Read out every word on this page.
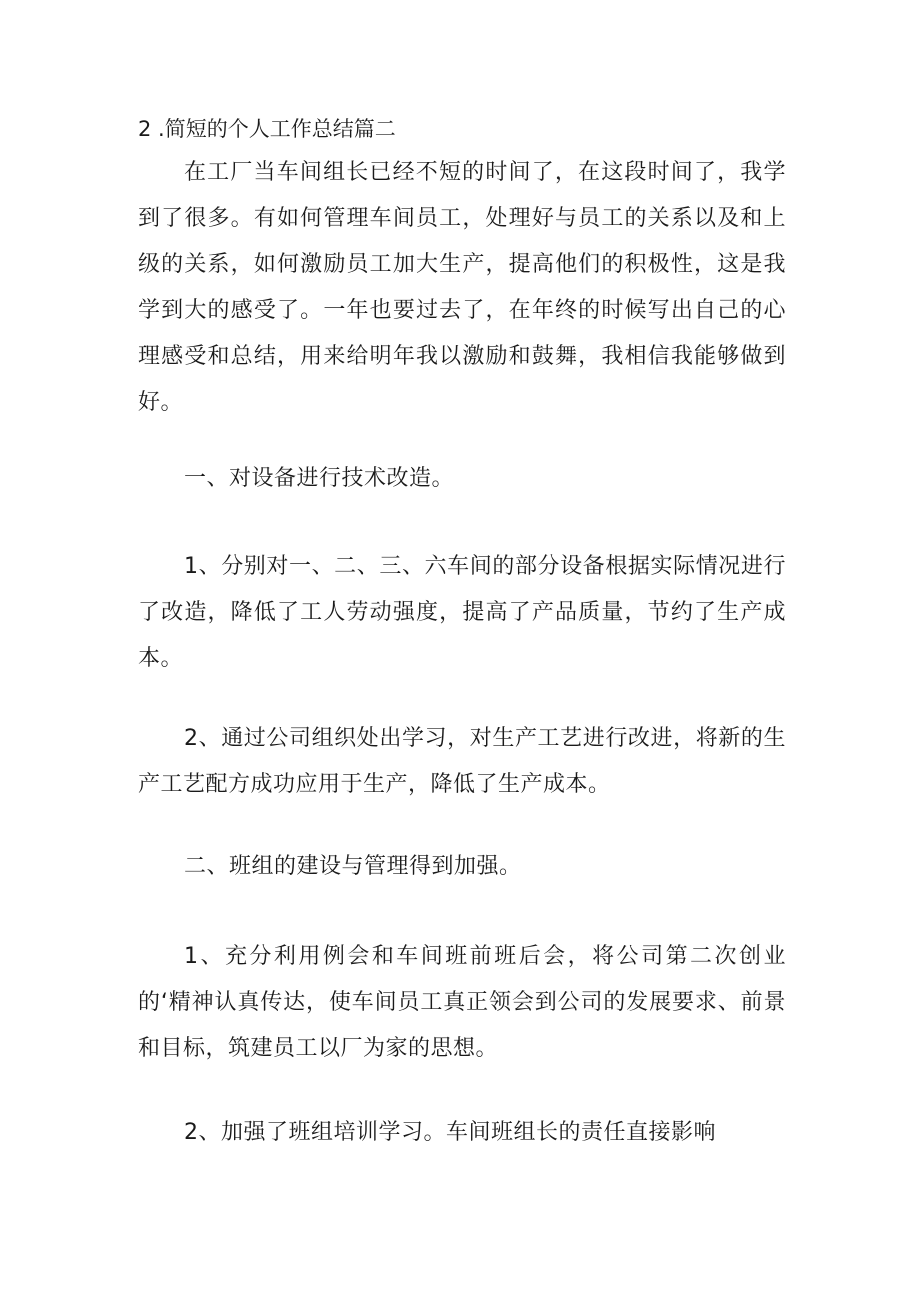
2 .简短的个人工作总结篇二
在工厂当车间组长已经不短的时间了，在这段时间了，我学到了很多。有如何管理车间员工，处理好与员工的关系以及和上级的关系，如何激励员工加大生产，提高他们的积极性，这是我学到大的感受了。一年也要过去了，在年终的时候写出自己的心理感受和总结，用来给明年我以激励和鼓舞，我相信我能够做到好。
一、对设备进行技术改造。
1、分别对一、二、三、六车间的部分设备根据实际情况进行了改造，降低了工人劳动强度，提高了产品质量，节约了生产成本。
2、通过公司组织处出学习，对生产工艺进行改进，将新的生产工艺配方成功应用于生产，降低了生产成本。
二、班组的建设与管理得到加强。
1、充分利用例会和车间班前班后会，将公司第二次创业的‘精神认真传达，使车间员工真正领会到公司的发展要求、前景和目标，筑建员工以厂为家的思想。
2、加强了班组培训学习。车间班组长的责任直接影响
